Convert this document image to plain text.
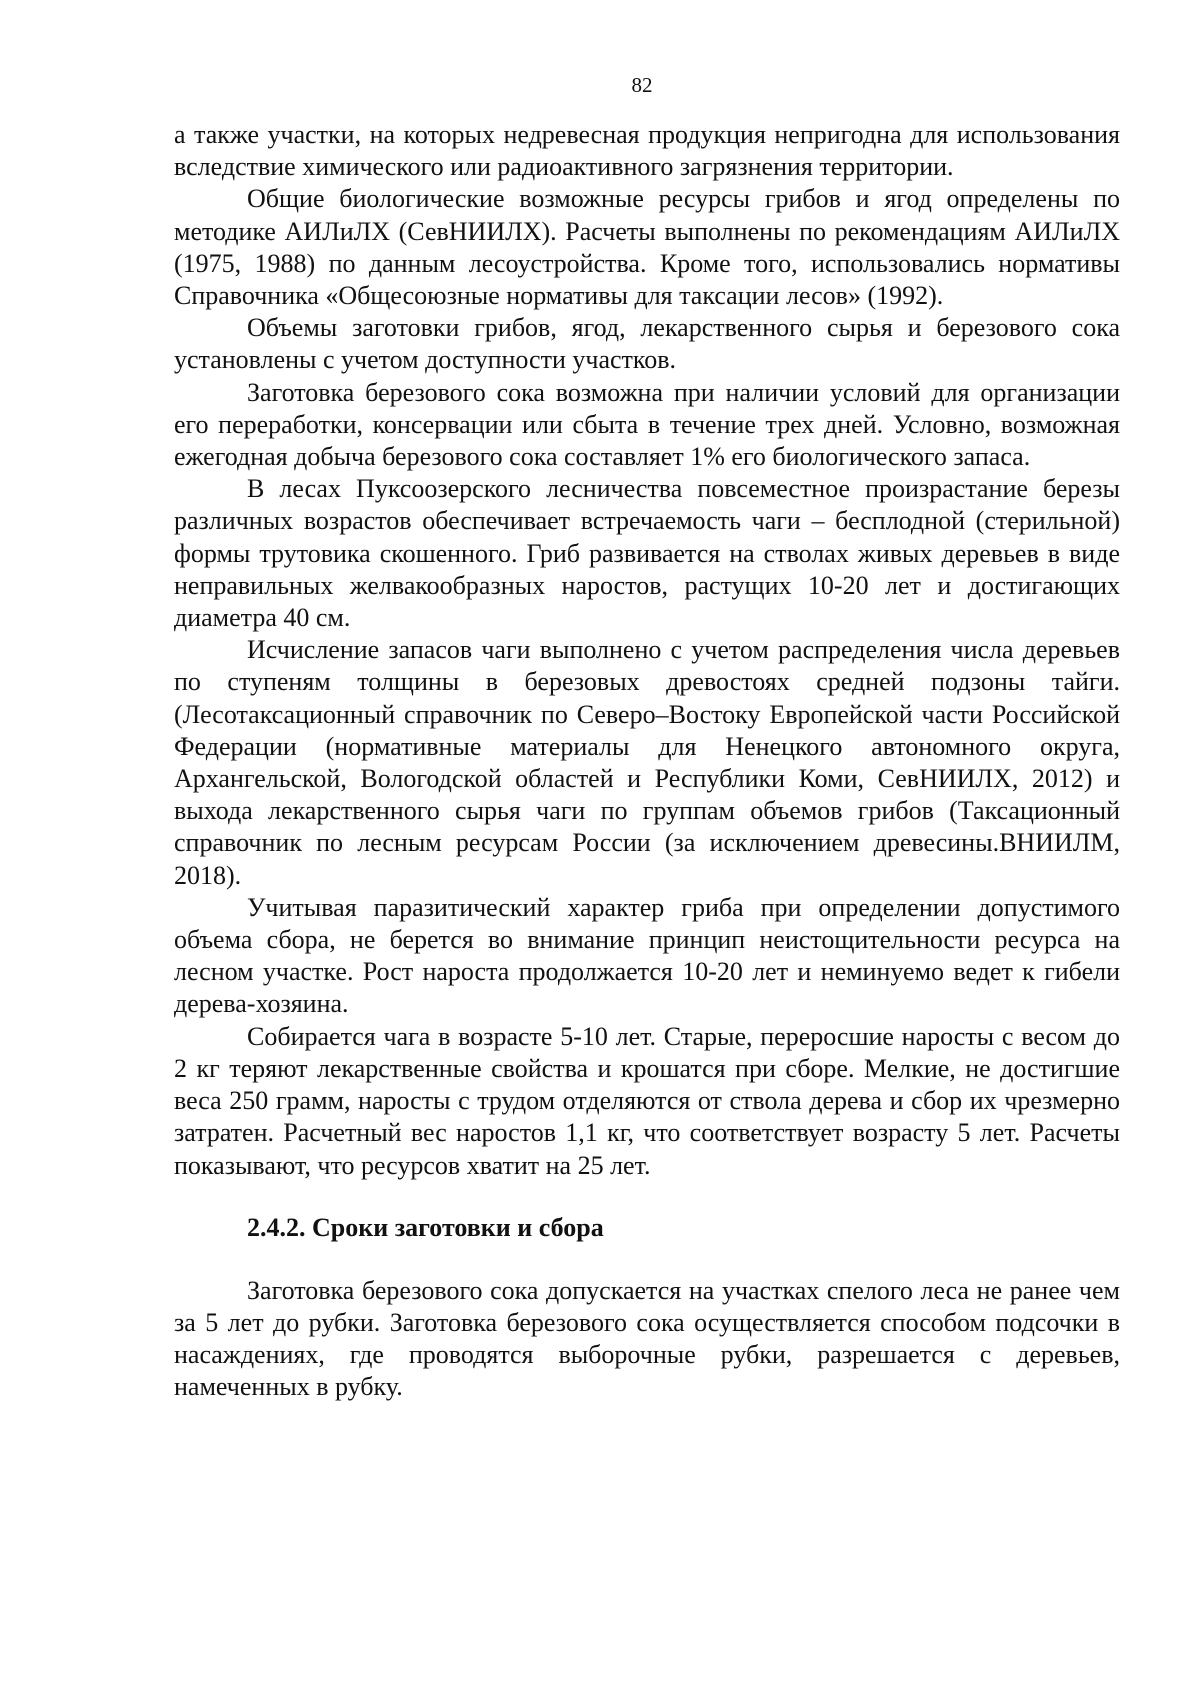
82

а также участки, на которых недревесная продукция непригодна для использования вследствие химического или радиоактивного загрязнения территории.

Общие биологические возможные ресурсы грибов и ягод определены по методике АИЛиЛХ (СевНИИЛХ). Расчеты выполнены по рекомендациям АИЛиЛХ (1975, 1988) по данным лесоустройства. Кроме того, использовались нормативы Справочника «Общесоюзные нормативы для таксации лесов» (1992).

Объемы заготовки грибов, ягод, лекарственного сырья и березового сока установлены с учетом доступности участков.

Заготовка березового сока возможна при наличии условий для организации его переработки, консервации или сбыта в течение трех дней. Условно, возможная ежегодная добыча березового сока составляет 1% его биологического запаса.

В лесах Пуксоозерского лесничества повсеместное произрастание березы различных возрастов обеспечивает встречаемость чаги – бесплодной (стерильной) формы трутовика скошенного. Гриб развивается на стволах живых деревьев в виде неправильных желвакообразных наростов, растущих 10-20 лет и достигающих диаметра 40 см.

Исчисление запасов чаги выполнено с учетом распределения числа деревьев по ступеням толщины в березовых древостоях средней подзоны тайги. (Лесотаксационный справочник по Северо–Востоку Европейской части Российской Федерации (нормативные материалы для Ненецкого автономного округа, Архангельской, Вологодской областей и Республики Коми, СевНИИЛХ, 2012) и выхода лекарственного сырья чаги по группам объемов грибов (Таксационный справочник по лесным ресурсам России (за исключением древесины.ВНИИЛМ, 2018).

Учитывая паразитический характер гриба при определении допустимого объема сбора, не берется во внимание принцип неистощительности ресурса на лесном участке. Рост нароста продолжается 10-20 лет и неминуемо ведет к гибели дерева-хозяина.

Собирается чага в возрасте 5-10 лет. Старые, переросшие наросты с весом до 2 кг теряют лекарственные свойства и крошатся при сборе. Мелкие, не достигшие веса 250 грамм, наросты с трудом отделяются от ствола дерева и сбор их чрезмерно затратен. Расчетный вес наростов 1,1 кг, что соответствует возрасту 5 лет. Расчеты показывают, что ресурсов хватит на 25 лет.

2.4.2. Сроки заготовки и сбора

Заготовка березового сока допускается на участках спелого леса не ранее чем за 5 лет до рубки. Заготовка березового сока осуществляется способом подсочки в насаждениях, где проводятся выборочные рубки, разрешается с деревьев, намеченных в рубку.
